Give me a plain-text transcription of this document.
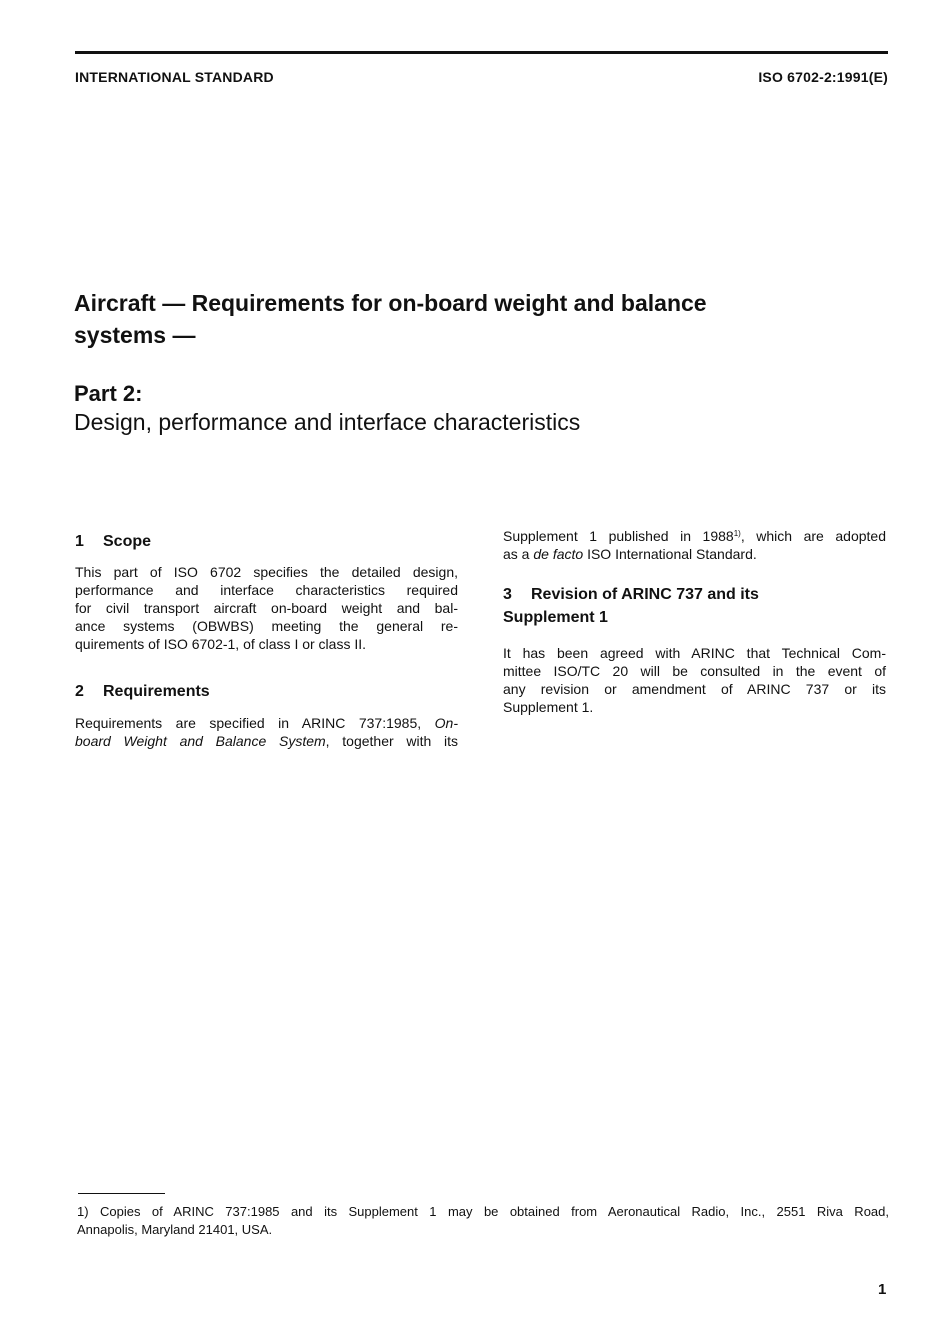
INTERNATIONAL STANDARD	ISO 6702-2:1991(E)
Aircraft — Requirements for on-board weight and balance
systems —
Part 2:
Design, performance and interface characteristics
1 Scope
This part of ISO 6702 specifies the detailed design,
performance and interface characteristics required
for civil transport aircraft on-board weight and bal-
ance systems (OBWBS) meeting the general re-
quirements of ISO 6702-1, of class I or class II.
2 Requirements
Requirements are specified in ARINC 737:1985, On-
board Weight and Balance System, together with its
Supplement 1 published in 1988$^{1)}$, which are adopted
as a de facto ISO International Standard.
3 Revision of ARINC 737 and its
Supplement 1
It has been agreed with ARINC that Technical Com-
mittee ISO/TC 20 will be consulted in the event of
any revision or amendment of ARINC 737 or its
Supplement 1.
1) Copies of ARINC 737:1985 and its Supplement 1 may be obtained from Aeronautical Radio, Inc., 2551 Riva Road,
Annapolis, Maryland 21401, USA.
1
